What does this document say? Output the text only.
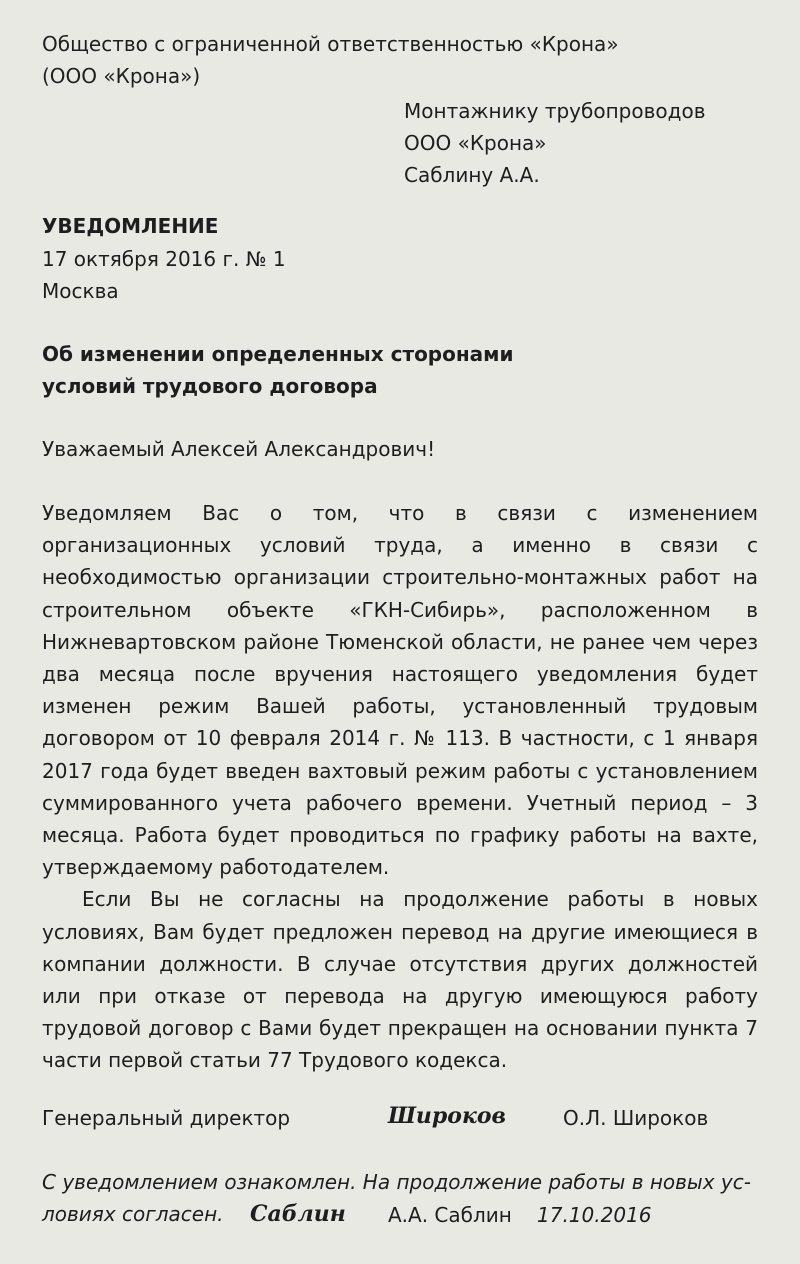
Общество с ограниченной ответственностью «Крона»
(ООО «Крона»)
Монтажнику трубопроводов
ООО «Крона»
Саблину А.А.
УВЕДОМЛЕНИЕ
17 октября 2016 г. № 1
Москва
Об изменении определенных сторонами
условий трудового договора
Уважаемый Алексей Александрович!

Уведомляем Вас о том, что в связи с изменением организационных условий труда, а именно в связи с необходимостью организации строительно-монтажных работ на строительном объекте «ГКН-Сибирь», расположенном в Нижневартовском районе Тюменской области, не ранее чем через два месяца после вручения настоящего уведомления будет изменен режим Вашей работы, установленный трудовым договором от 10 февраля 2014 г. № 113. В частности, с 1 января 2017 года будет введен вахтовый режим работы с установлением суммированного учета рабочего времени. Учетный период – 3 месяца. Работа будет проводиться по графику работы на вахте, утверждаемому работодателем.

Если Вы не согласны на продолжение работы в новых условиях, Вам будет предложен перевод на другие имеющиеся в компании должности. В случае отсутствия других должностей или при отказе от перевода на другую имеющуюся работу трудовой договор с Вами будет прекращен на основании пункта 7 части первой статьи 77 Трудового кодекса.

Генеральный директор	Широков	О.Л. Широков
С уведомлением ознакомлен. На продолжение работы в новых ус-
ловиях согласен.	Саблин А.А. Саблин 17.10.2016
